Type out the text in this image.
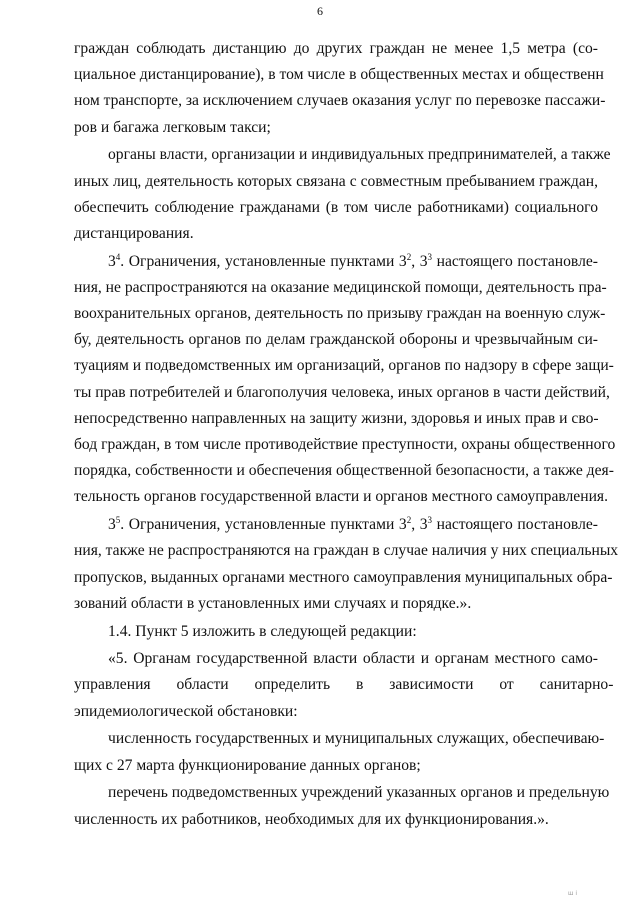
6
граждан соблюдать дистанцию до других граждан не менее 1,5 метра (со-
циальное дистанцирование), в том числе в общественных местах и общественн
ном транспорте, за исключением случаев оказания услуг по перевозке пассажи-
ров и багажа легковым такси;
органы власти, организации и индивидуальных предпринимателей, а также
иных лиц, деятельность которых связана с совместным пребыванием граждан,
обеспечить соблюдение гражданами (в том числе работниками) социального
дистанцирования.
$3^4$. Ограничения, установленные пунктами $3^2$, $3^3$ настоящего постановле-
ния, не распространяются на оказание медицинской помощи, деятельность пра-
воохранительных органов, деятельность по призыву граждан на военную служ-
бу, деятельность органов по делам гражданской обороны и чрезвычайным си-
туациям и подведомственных им организаций, органов по надзору в сфере защи-
ты прав потребителей и благополучия человека, иных органов в части действий,
непосредственно направленных на защиту жизни, здоровья и иных прав и сво-
бод граждан, в том числе противодействие преступности, охраны общественного
порядка, собственности и обеспечения общественной безопасности, а также дея-
тельность органов государственной власти и органов местного самоуправления.
$3^5$. Ограничения, установленные пунктами $3^2$, $3^3$ настоящего постановле-
ния, также не распространяются на граждан в случае наличия у них специальных
пропусков, выданных органами местного самоуправления муниципальных обра-
зований области в установленных ими случаях и порядке.».
1.4. Пункт 5 изложить в следующей редакции:
«5. Органам государственной власти области и органам местного само-
управления области определить в зависимости от санитарно-
эпидемиологической обстановки:
численность государственных и муниципальных служащих, обеспечиваю-
щих с 27 марта функционирование данных органов;
перечень подведомственных учреждений указанных органов и предельную
численность их работников, необходимых для их функционирования.».
ш і
